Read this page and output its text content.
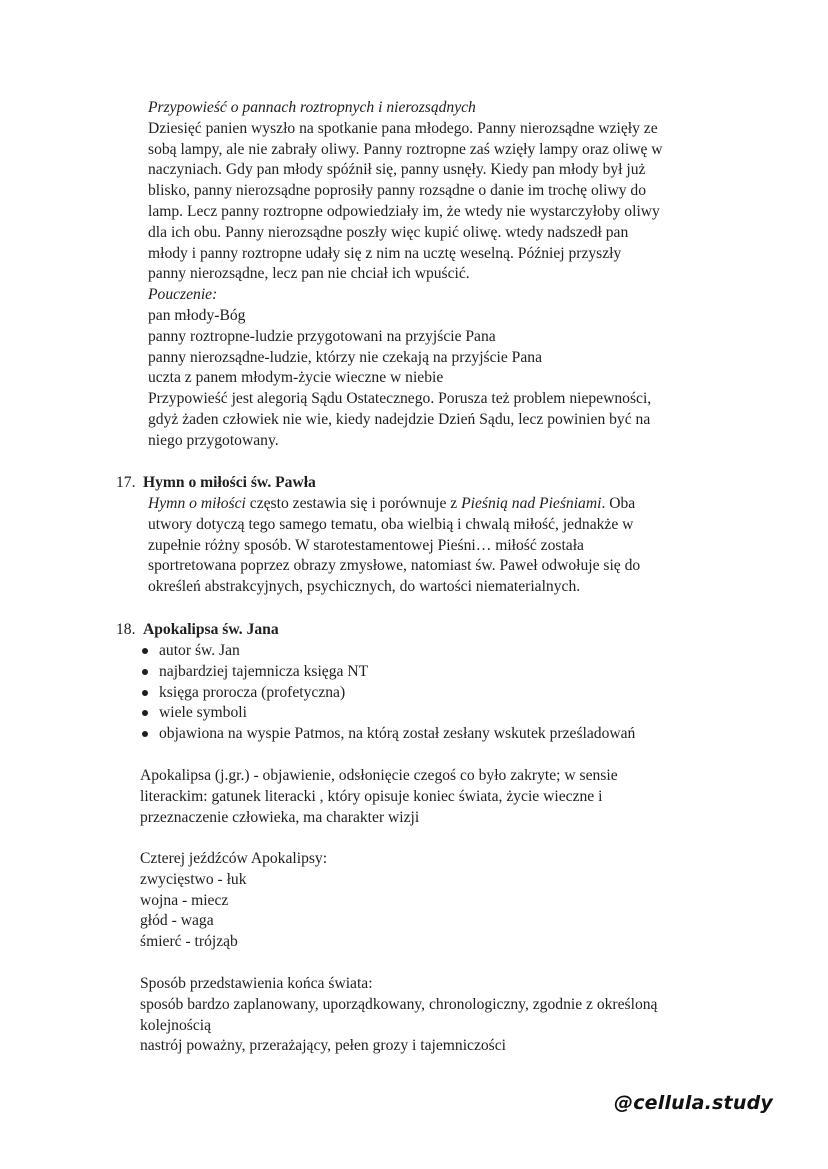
Przypowieść o pannach roztropnych i nierozsądnych

Dziesięć panien wyszło na spotkanie pana młodego. Panny nierozsądne wzięły ze

sobą lampy, ale nie zabrały oliwy. Panny roztropne zaś wzięły lampy oraz oliwę w

naczyniach. Gdy pan młody spóźnił się, panny usnęły. Kiedy pan młody był już

blisko, panny nierozsądne poprosiły panny rozsądne o danie im trochę oliwy do

lamp. Lecz panny roztropne odpowiedziały im, że wtedy nie wystarczyłoby oliwy

dla ich obu. Panny nierozsądne poszły więc kupić oliwę. wtedy nadszedł pan

młody i panny roztropne udały się z nim na ucztę weselną. Później przyszły

panny nierozsądne, lecz pan nie chciał ich wpuścić.

Pouczenie:

pan młody-Bóg

panny roztropne-ludzie przygotowani na przyjście Pana

panny nierozsądne-ludzie, którzy nie czekają na przyjście Pana

uczta z panem młodym-życie wieczne w niebie

Przypowieść jest alegorią Sądu Ostatecznego. Porusza też problem niepewności,

gdyż żaden człowiek nie wie, kiedy nadejdzie Dzień Sądu, lecz powinien być na

niego przygotowany.

17. Hymn o miłości św. Pawła

Hymn o miłości często zestawia się i porównuje z Pieśnią nad Pieśniami. Oba

utwory dotyczą tego samego tematu, oba wielbią i chwalą miłość, jednakże w

zupełnie różny sposób. W starotestamentowej Pieśni… miłość została

sportretowana poprzez obrazy zmysłowe, natomiast św. Paweł odwołuje się do

określeń abstrakcyjnych, psychicznych, do wartości niematerialnych.

18. Apokalipsa św. Jana
autor św. Jan
najbardziej tajemnicza księga NT
księga prorocza (profetyczna)
wiele symboli
objawiona na wyspie Patmos, na którą został zesłany wskutek prześladowań

Apokalipsa (j.gr.) - objawienie, odsłonięcie czegoś co było zakryte; w sensie

literackim: gatunek literacki , który opisuje koniec świata, życie wieczne i

przeznaczenie człowieka, ma charakter wizji

Czterej jeźdźców Apokalipsy:

zwycięstwo - łuk

wojna - miecz

głód - waga

śmierć - trójząb

Sposób przedstawienia końca świata:

sposób bardzo zaplanowany, uporządkowany, chronologiczny, zgodnie z określoną

kolejnością

nastrój poważny, przerażający, pełen grozy i tajemniczości

@cellula.study
